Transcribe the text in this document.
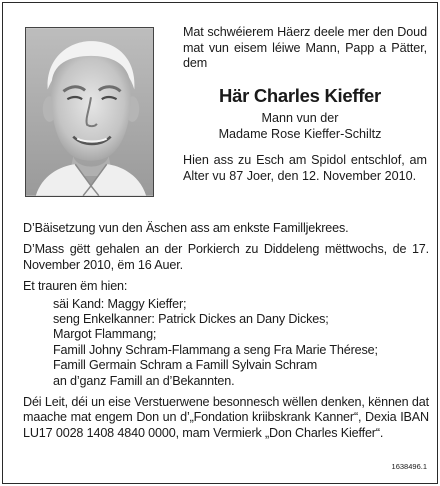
Mat schwéierem Häerz deele mer den Doud mat vun eisem léiwe Mann, Papp a Pätter, dem
Här Charles Kieffer
Mann vun der
Madame Rose Kieffer-Schiltz
Hien ass zu Esch am Spidol entschlof, am Alter vu 87 Joer, den 12. November 2010.

D’Bäisetzung vun den Äschen ass am enkste Familljekrees.

D’Mass gëtt gehalen an der Porkierch zu Diddeleng mëttwochs, de 17. November 2010, ëm 16 Auer.

Et trauren ëm hien:

säi Kand: Maggy Kieffer;
seng Enkelkanner: Patrick Dickes an Dany Dickes;
Margot Flammang;
Famill Johny Schram-Flammang a seng Fra Marie Thérese;
Famill Germain Schram a Famill Sylvain Schram
an d’ganz Famill an d’Bekannten.

Déi Leit, déi un eise Verstuerwene besonnesch wëllen denken, kënnen dat maache mat engem Don un d’„Fondation kriibskrank Kanner“, Dexia IBAN LU17 0028 1408 4840 0000, mam Vermierk „Don Charles Kieffer“.

1638496.1
